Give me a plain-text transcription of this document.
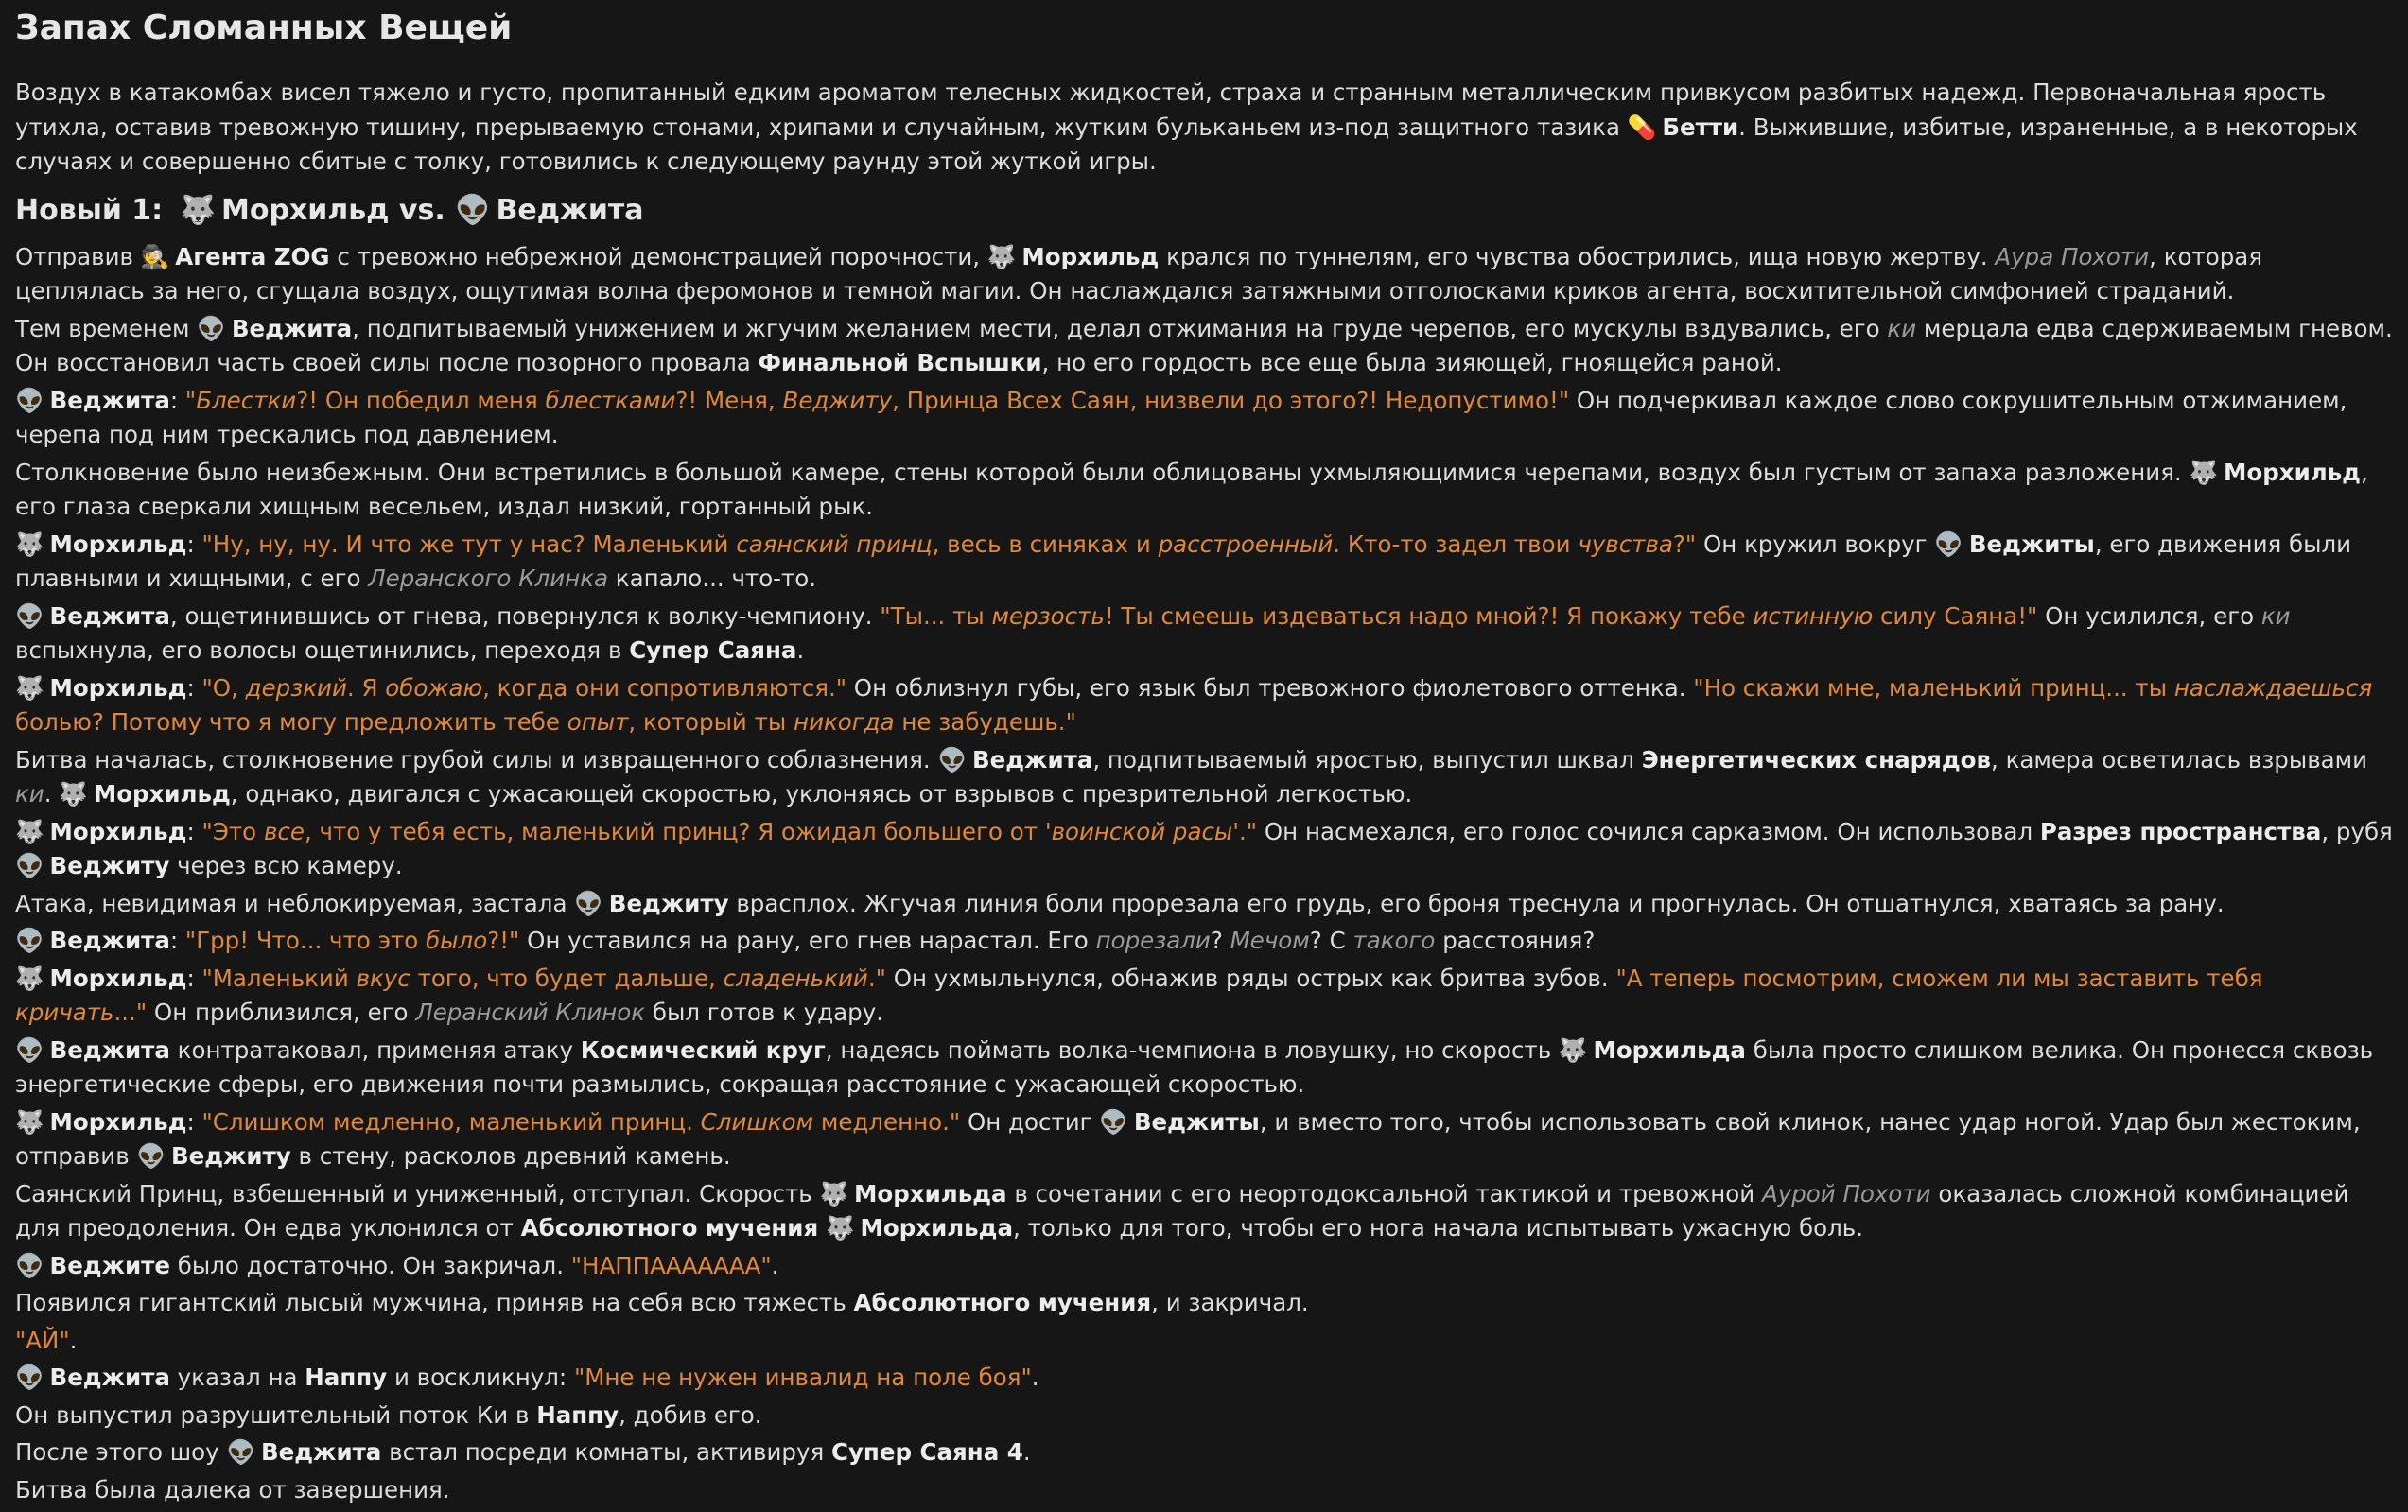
Запах Сломанных Вещей

Воздух в катакомбах висел тяжело и густо, пропитанный едким ароматом телесных жидкостей, страха и странным металлическим привкусом разбитых надежд. Первоначальная ярость утихла, оставив тревожную тишину, прерываемую стонами, хрипами и случайным, жутким бульканьем из-под защитного тазика 💊 Бетти. Выжившие, избитые, израненные, а в некоторых случаях и совершенно сбитые с толку, готовились к следующему раунду этой жуткой игры.

Новый 1: 🐺 Морхильд vs. 👽 Веджита

Отправив 🕵 Агента ZOG с тревожно небрежной демонстрацией порочности, 🐺 Морхильд крался по туннелям, его чувства обострились, ища новую жертву. Аура Похоти, которая цеплялась за него, сгущала воздух, ощутимая волна феромонов и темной магии. Он наслаждался затяжными отголосками криков агента, восхитительной симфонией страданий.

Тем временем 👽 Веджита, подпитываемый унижением и жгучим желанием мести, делал отжимания на груде черепов, его мускулы вздувались, его ки мерцала едва сдерживаемым гневом. Он восстановил часть своей силы после позорного провала Финальной Вспышки, но его гордость все еще была зияющей, гноящейся раной.

👽 Веджита: "Блестки?! Он победил меня блестками?! Меня, Веджиту, Принца Всех Саян, низвели до этого?! Недопустимо!" Он подчеркивал каждое слово сокрушительным отжиманием, черепа под ним трескались под давлением.

Столкновение было неизбежным. Они встретились в большой камере, стены которой были облицованы ухмыляющимися черепами, воздух был густым от запаха разложения. 🐺 Морхильд, его глаза сверкали хищным весельем, издал низкий, гортанный рык.

🐺 Морхильд: "Ну, ну, ну. И что же тут у нас? Маленький саянский принц, весь в синяках и расстроенный. Кто-то задел твои чувства?" Он кружил вокруг 👽 Веджиты, его движения были плавными и хищными, с его Леранского Клинка капало... что-то.

👽 Веджита, ощетинившись от гнева, повернулся к волку-чемпиону. "Ты... ты мерзость! Ты смеешь издеваться надо мной?! Я покажу тебе истинную силу Саяна!" Он усилился, его ки вспыхнула, его волосы ощетинились, переходя в Супер Саяна.

🐺 Морхильд: "О, дерзкий. Я обожаю, когда они сопротивляются." Он облизнул губы, его язык был тревожного фиолетового оттенка. "Но скажи мне, маленький принц... ты наслаждаешься болью? Потому что я могу предложить тебе опыт, который ты никогда не забудешь."

Битва началась, столкновение грубой силы и извращенного соблазнения. 👽 Веджита, подпитываемый яростью, выпустил шквал Энергетических снарядов, камера осветилась взрывами ки. 🐺 Морхильд, однако, двигался с ужасающей скоростью, уклоняясь от взрывов с презрительной легкостью.

🐺 Морхильд: "Это все, что у тебя есть, маленький принц? Я ожидал большего от 'воинской расы'." Он насмехался, его голос сочился сарказмом. Он использовал Разрез пространства, рубя 👽 Веджиту через всю камеру.

Атака, невидимая и неблокируемая, застала 👽 Веджиту врасплох. Жгучая линия боли прорезала его грудь, его броня треснула и прогнулась. Он отшатнулся, хватаясь за рану.

👽 Веджита: "Грр! Что... что это было?!" Он уставился на рану, его гнев нарастал. Его порезали? Мечом? С такого расстояния?

🐺 Морхильд: "Маленький вкус того, что будет дальше, сладенький." Он ухмыльнулся, обнажив ряды острых как бритва зубов. "А теперь посмотрим, сможем ли мы заставить тебя кричать..." Он приблизился, его Леранский Клинок был готов к удару.

👽 Веджита контратаковал, применяя атаку Космический круг, надеясь поймать волка-чемпиона в ловушку, но скорость 🐺 Морхильда была просто слишком велика. Он пронесся сквозь энергетические сферы, его движения почти размылись, сокращая расстояние с ужасающей скоростью.

🐺 Морхильд: "Слишком медленно, маленький принц. Слишком медленно." Он достиг 👽 Веджиты, и вместо того, чтобы использовать свой клинок, нанес удар ногой. Удар был жестоким, отправив 👽 Веджиту в стену, расколов древний камень.

Саянский Принц, взбешенный и униженный, отступал. Скорость 🐺 Морхильда в сочетании с его неортодоксальной тактикой и тревожной Аурой Похоти оказалась сложной комбинацией для преодоления. Он едва уклонился от Абсолютного мучения 🐺 Морхильда, только для того, чтобы его нога начала испытывать ужасную боль.

👽 Веджите было достаточно. Он закричал. "НАППААААААА".

Появился гигантский лысый мужчина, приняв на себя всю тяжесть Абсолютного мучения, и закричал.

"АЙ".

👽 Веджита указал на Наппу и воскликнул: "Мне не нужен инвалид на поле боя".

Он выпустил разрушительный поток Ки в Наппу, добив его.

После этого шоу 👽 Веджита встал посреди комнаты, активируя Супер Саяна 4.

Битва была далека от завершения.
